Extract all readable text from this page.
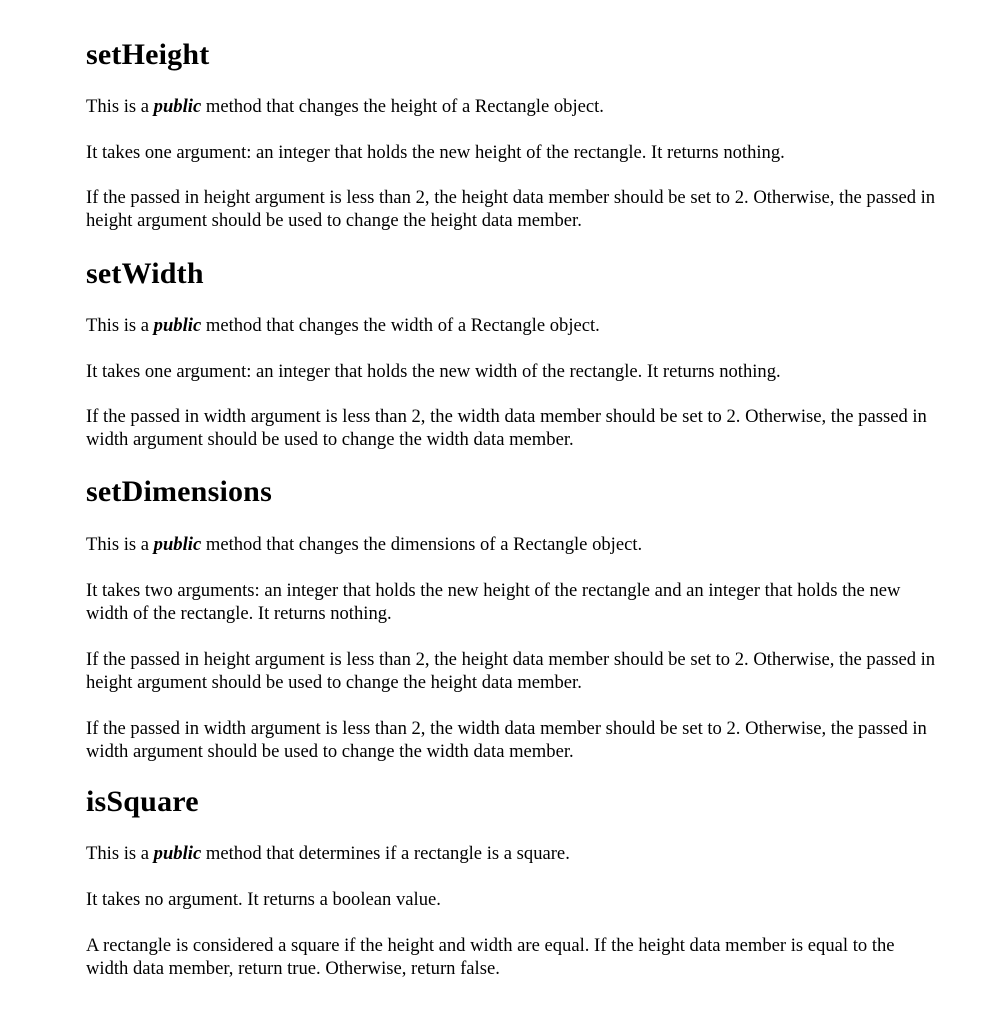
setHeight

This is a public method that changes the height of a Rectangle object.

It takes one argument: an integer that holds the new height of the rectangle. It returns nothing.

If the passed in height argument is less than 2, the height data member should be set to 2. Otherwise, the passed in height argument should be used to change the height data member.

setWidth

This is a public method that changes the width of a Rectangle object.

It takes one argument: an integer that holds the new width of the rectangle. It returns nothing.

If the passed in width argument is less than 2, the width data member should be set to 2. Otherwise, the passed in width argument should be used to change the width data member.

setDimensions

This is a public method that changes the dimensions of a Rectangle object.

It takes two arguments: an integer that holds the new height of the rectangle and an integer that holds the new width of the rectangle. It returns nothing.

If the passed in height argument is less than 2, the height data member should be set to 2. Otherwise, the passed in height argument should be used to change the height data member.

If the passed in width argument is less than 2, the width data member should be set to 2. Otherwise, the passed in width argument should be used to change the width data member.

isSquare

This is a public method that determines if a rectangle is a square.

It takes no argument. It returns a boolean value.

A rectangle is considered a square if the height and width are equal. If the height data member is equal to the width data member, return true. Otherwise, return false.
